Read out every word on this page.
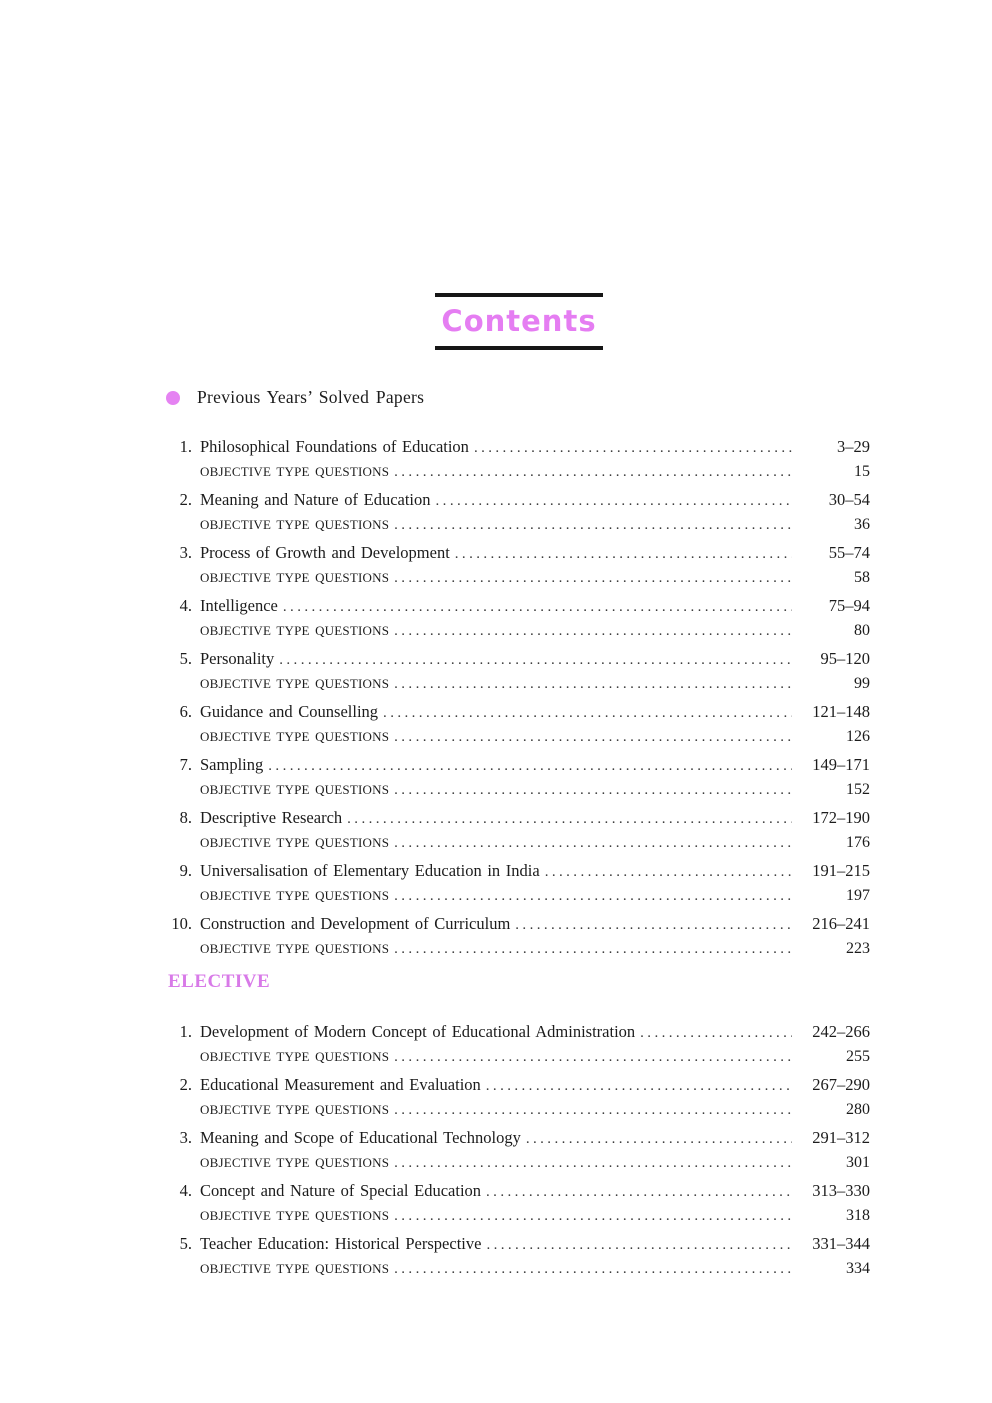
Contents
Previous Years’ Solved Papers
1. Philosophical Foundations of Education .....	3–29
OBJECTIVE TYPE QUESTIONS .....	15
2. Meaning and Nature of Education .....	30–54
OBJECTIVE TYPE QUESTIONS .....	36
3. Process of Growth and Development .....	55–74
OBJECTIVE TYPE QUESTIONS .....	58
4. Intelligence .....	75–94
OBJECTIVE TYPE QUESTIONS .....	80
5. Personality .....	95–120
OBJECTIVE TYPE QUESTIONS .....	99
6. Guidance and Counselling .....	121–148
OBJECTIVE TYPE QUESTIONS .....	126
7. Sampling .....	149–171
OBJECTIVE TYPE QUESTIONS .....	152
8. Descriptive Research .....	172–190
OBJECTIVE TYPE QUESTIONS .....	176
9. Universalisation of Elementary Education in India .....	191–215
OBJECTIVE TYPE QUESTIONS .....	197
10. Construction and Development of Curriculum .....	216–241
OBJECTIVE TYPE QUESTIONS .....	223
ELECTIVE
1. Development of Modern Concept of Educational Administration .....	242–266
OBJECTIVE TYPE QUESTIONS .....	255
2. Educational Measurement and Evaluation .....	267–290
OBJECTIVE TYPE QUESTIONS .....	280
3. Meaning and Scope of Educational Technology .....	291–312
OBJECTIVE TYPE QUESTIONS .....	301
4. Concept and Nature of Special Education .....	313–330
OBJECTIVE TYPE QUESTIONS .....	318
5. Teacher Education: Historical Perspective .....	331–344
OBJECTIVE TYPE QUESTIONS .....	334
